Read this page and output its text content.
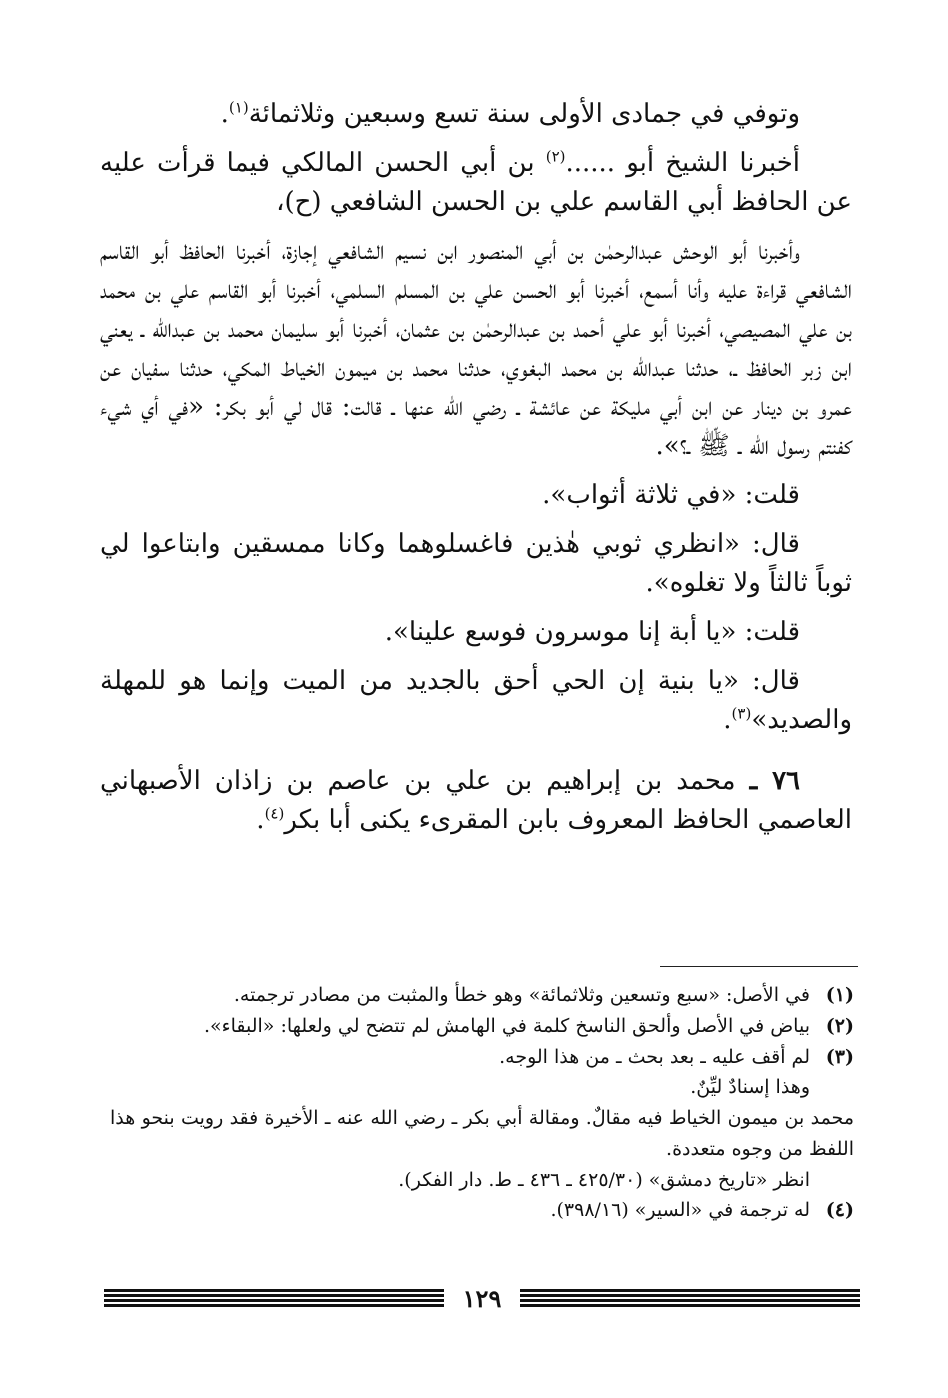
وتوفي في جمادى الأولى سنة تسع وسبعين وثلاثمائة$^{(١)}$.

أخبرنا الشيخ أبو ......$^{(٢)}$ بن أبي الحسن المالكي فيما قرأت عليه عن الحافظ أبي القاسم علي بن الحسن الشافعي (ح)،

وأخبرنا أبو الوحش عبدالرحمٰن بن أبي المنصور ابن نسيم الشافعي إجازة، أخبرنا الحافظ أبو القاسم الشافعي قراءة عليه وأنا أسمع، أخبرنا أبو الحسن علي بن المسلم السلمي، أخبرنا أبو القاسم علي بن محمد بن علي المصيصي، أخبرنا أبو علي أحمد بن عبدالرحمٰن بن عثمان، أخبرنا أبو سليمان محمد بن عبدالله ـ يعني ابن زبر الحافظ ـ، حدثنا عبدالله بن محمد البغوي، حدثنا محمد بن ميمون الخياط المكي، حدثنا سفيان عن عمرو بن دينار عن ابن أبي مليكة عن عائشة ـ رضي الله عنها ـ قالت: قال لي أبو بكر: «في أي شيء كفنتم رسول الله ـ ﷺ ـ؟».

قلت: «في ثلاثة أثواب».

قال: «انظري ثوبي هٰذين فاغسلوهما وكانا ممسقين وابتاعوا لي ثوباً ثالثاً ولا تغلوه».

قلت: «يا أبة إنا موسرون فوسع علينا».

قال: «يا بنية إن الحي أحق بالجديد من الميت وإنما هو للمهلة والصديد»$^{(٣)}$.

٧٦ ـ محمد بن إبراهيم بن علي بن عاصم بن زاذان الأصبهاني العاصمي الحافظ المعروف بابن المقرىء يكنى أبا بكر$^{(٤)}$.

(١)
في الأصل: «سبع وتسعين وثلاثمائة» وهو خطأ والمثبت من مصادر ترجمته.
(٢)
بياض في الأصل وألحق الناسخ كلمة في الهامش لم تتضح لي ولعلها: «البقاء».
(٣)
لم أقف عليه ـ بعد بحث ـ من هذا الوجه.
وهذا إسنادٌ ليِّنٌ.
محمد بن ميمون الخياط فيه مقالٌ. ومقالة أبي بكر ـ رضي الله عنه ـ الأخيرة فقد رويت بنحو هذا اللفظ من وجوه متعددة.
انظر «تاريخ دمشق» (٤٢٥/٣٠ ـ ٤٣٦ ـ ط. دار الفكر).
(٤)
له ترجمة في «السير» (٣٩٨/١٦).
١٢٩
